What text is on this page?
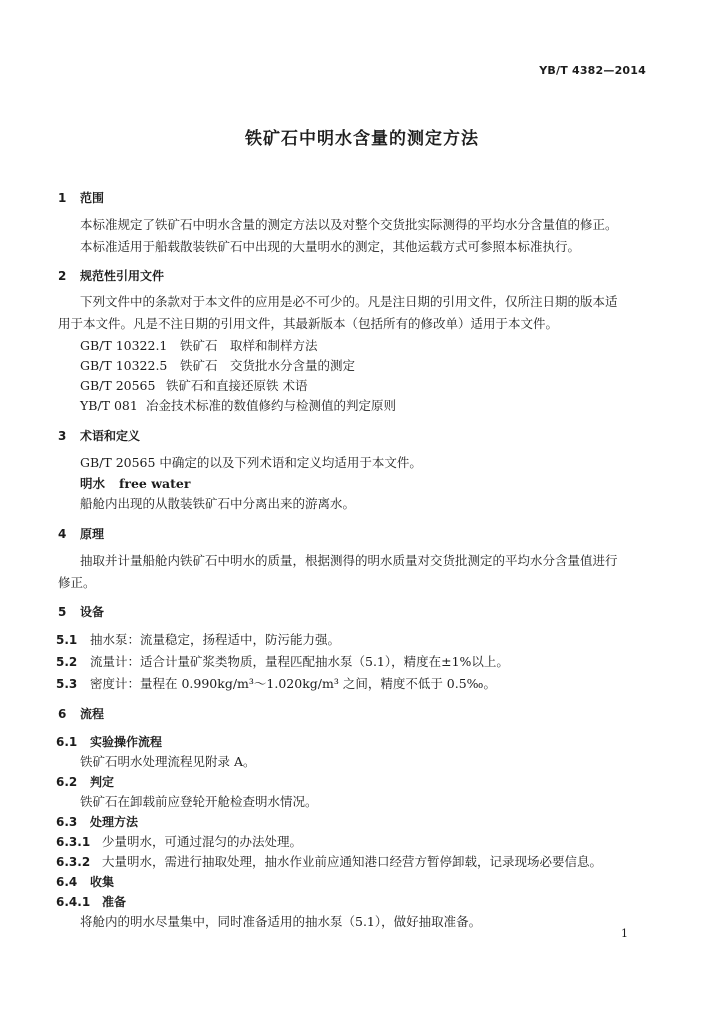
YB/T 4382—2014
铁矿石中明水含量的测定方法
1 范围
本标准规定了铁矿石中明水含量的测定方法以及对整个交货批实际测得的平均水分含量值的修正。
本标准适用于船载散装铁矿石中出现的大量明水的测定，其他运载方式可参照本标准执行。
2 规范性引用文件
下列文件中的条款对于本文件的应用是必不可少的。凡是注日期的引用文件，仅所注日期的版本适
用于本文件。凡是不注日期的引用文件，其最新版本（包括所有的修改单）适用于本文件。
GB/T 10322.1 铁矿石　取样和制样方法
GB/T 10322.5 铁矿石　交货批水分含量的测定
GB/T 20565 铁矿石和直接还原铁 术语
YB/T 081 冶金技术标准的数值修约与检测值的判定原则
3 术语和定义
GB/T 20565 中确定的以及下列术语和定义均适用于本文件。
明水 free water
船舱内出现的从散装铁矿石中分离出来的游离水。
4 原理
抽取并计量船舱内铁矿石中明水的质量，根据测得的明水质量对交货批测定的平均水分含量值进行
修正。
5 设备
5.1 抽水泵：流量稳定，扬程适中，防污能力强。
5.2 流量计：适合计量矿浆类物质，量程匹配抽水泵（5.1），精度在±1%以上。
5.3 密度计：量程在 0.990kg/m³～1.020kg/m³ 之间，精度不低于 0.5‰。
6 流程
6.1 实验操作流程
铁矿石明水处理流程见附录 A。
6.2 判定
铁矿石在卸载前应登轮开舱检查明水情况。
6.3 处理方法
6.3.1 少量明水，可通过混匀的办法处理。
6.3.2 大量明水，需进行抽取处理，抽水作业前应通知港口经营方暂停卸载，记录现场必要信息。
6.4 收集
6.4.1 准备
将舱内的明水尽量集中，同时准备适用的抽水泵（5.1），做好抽取准备。
1
